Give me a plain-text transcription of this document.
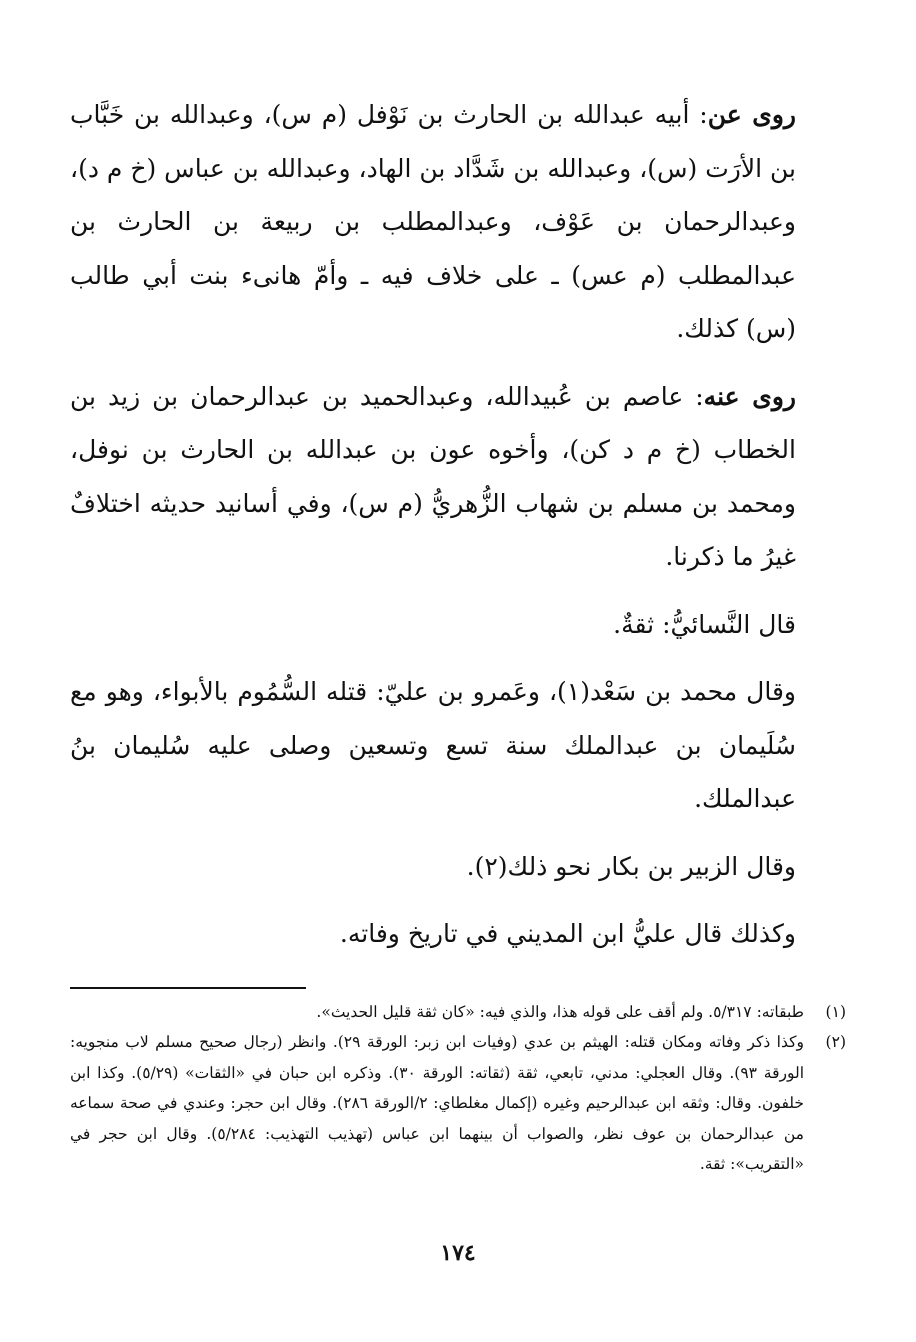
روى عن: أبيه عبدالله بن الحارث بن نَوْفل (م س)، وعبدالله بن خَبَّاب بن الأرَت (س)، وعبدالله بن شَدَّاد بن الهاد، وعبدالله بن عباس (خ م د)، وعبدالرحمان بن عَوْف، وعبدالمطلب بن ربيعة بن الحارث بن عبدالمطلب (م عس) ـ على خلاف فيه ـ وأمّ هانىء بنت أبي طالب (س) كذلك.

روى عنه: عاصم بن عُبيدالله، وعبدالحميد بن عبدالرحمان بن زيد بن الخطاب (خ م د كن)، وأخوه عون بن عبدالله بن الحارث بن نوفل، ومحمد بن مسلم بن شهاب الزُّهريُّ (م س)، وفي أسانيد حديثه اختلافٌ غيرُ ما ذكرنا.

قال النَّسائيُّ: ثقةٌ.

وقال محمد بن سَعْد(١)، وعَمرو بن عليّ: قتله السُّمُوم بالأبواء، وهو مع سُلَيمان بن عبدالملك سنة تسع وتسعين وصلى عليه سُليمان بنُ عبدالملك.

وقال الزبير بن بكار نحو ذلك(٢).

وكذلك قال عليُّ ابن المديني في تاريخ وفاته.

(١)
طبقاته: ٥/٣١٧. ولم أقف على قوله هذا، والذي فيه: «كان ثقة قليل الحديث».

(٢)
وكذا ذكر وفاته ومكان قتله: الهيثم بن عدي (وفيات ابن زبر: الورقة ٢٩). وانظر (رجال صحيح مسلم لاب منجويه: الورقة ٩٣). وقال العجلي: مدني، تابعي، ثقة (ثقاته: الورقة ٣٠). وذكره ابن حبان في «الثقات» (٥/٢٩). وكذا ابن خلفون. وقال: وثقه ابن عبدالرحيم وغيره (إكمال مغلطاي: ٢/الورقة ٢٨٦). وقال ابن حجر: وعندي في صحة سماعه من عبدالرحمان بن عوف نظر، والصواب أن بينهما ابن عباس (تهذيب التهذيب: ٥/٢٨٤). وقال ابن حجر في «التقريب»: ثقة.

١٧٤
